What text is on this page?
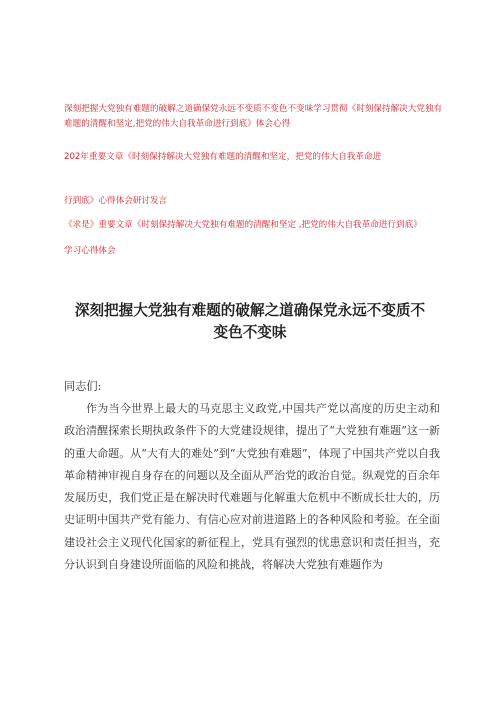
深刻把握大党独有难题的破解之道确保党永远不变质不变色不变味学习贯彻《时刻保持解决大党独有难题的清醒和坚定,把党的伟大自我革命进行到底》体会心得

202年重要文章《时刻保持解决大党独有难题的清醒和坚定，把党的伟大自我革命进

行到底》心得体会研讨发言

《求是》重要文章《时刻保持解决大党独有难题的清醒和坚定 ,把党的伟大自我革命进行到底》

学习心得体会

深刻把握大党独有难题的破解之道确保党永远不变质不
变色不变味

同志们:

作为当今世界上最大的马克思主义政党,中国共产党以高度的历史主动和政治清醒探索长期执政条件下的大党建设规律，提出了“大党独有难题”这一新的重大命题。从“大有大的难处”到“大党独有难题”，体现了中国共产党以自我革命精神审视自身存在的问题以及全面从严治党的政治自觉。纵观党的百余年发展历史，我们党正是在解决时代难题与化解重大危机中不断成长壮大的，历史证明中国共产党有能力、有信心应对前进道路上的各种风险和考验。在全面建设社会主义现代化国家的新征程上，党具有强烈的忧患意识和责任担当，充分认识到自身建设所面临的风险和挑战，将解决大党独有难题作为
